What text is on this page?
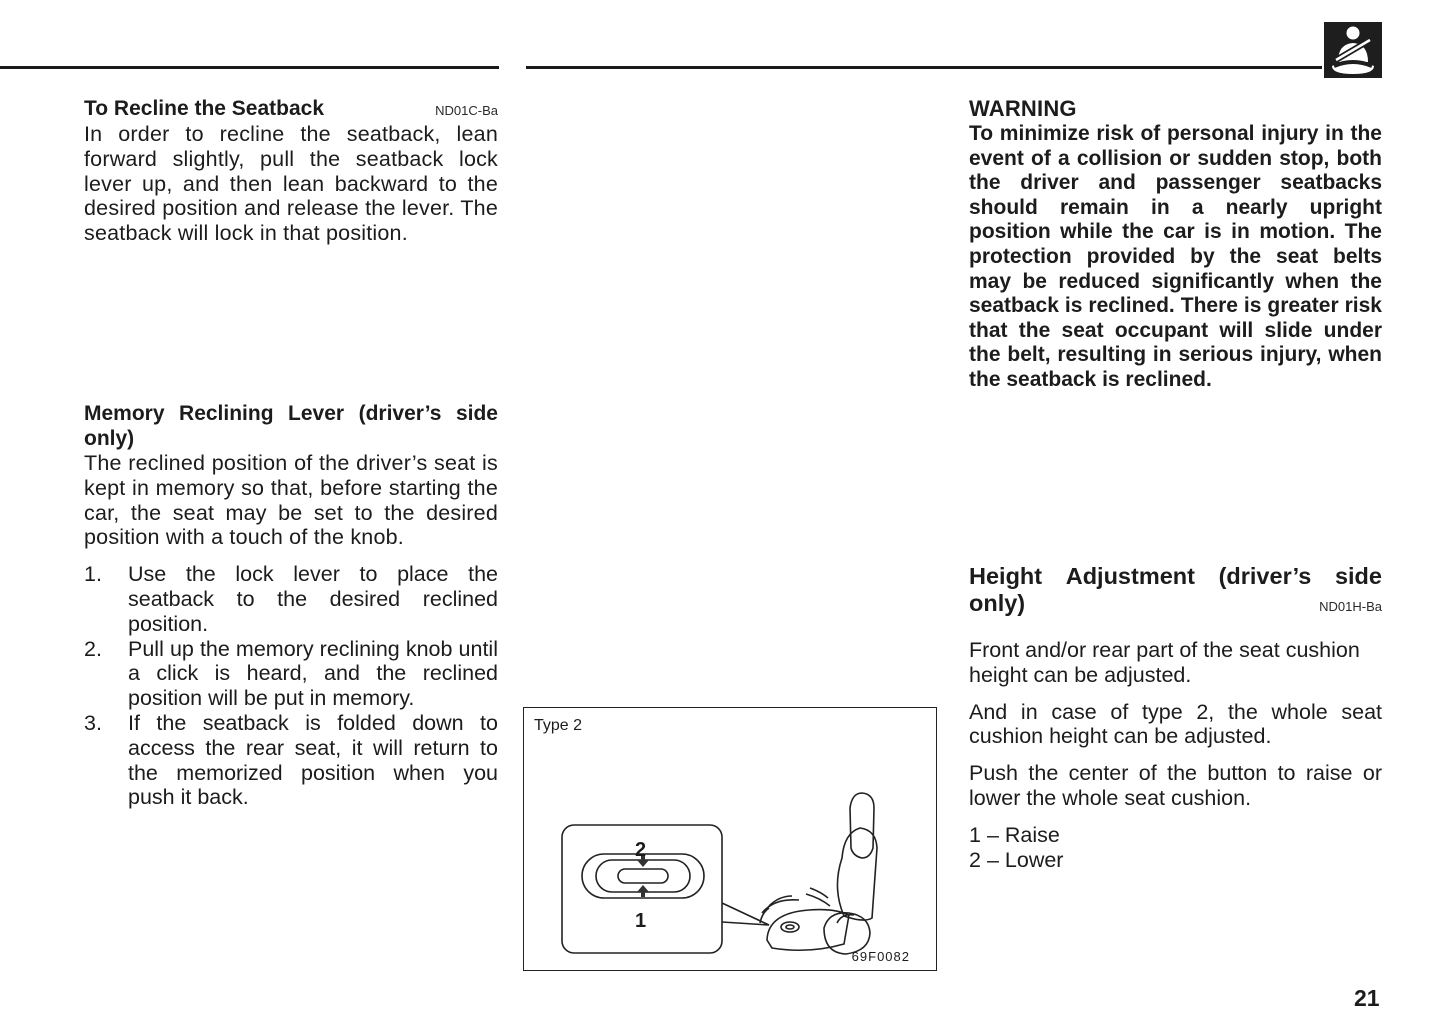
To Recline the Seatback	ND01C-Ba
In order to recline the seatback, lean forward slightly, pull the seatback lock lever up, and then lean backward to the desired position and release the lever. The seatback will lock in that position.
Memory Reclining Lever (driver’s side only)
The reclined position of the driver’s seat is kept in memory so that, before starting the car, the seat may be set to the desired position with a touch of the knob.
1.	Use the lock lever to place the seatback to the desired reclined position.
2.	Pull up the memory reclining knob until a click is heard, and the reclined position will be put in memory.
3.	If the seatback is folded down to access the rear seat, it will return to the memorized position when you push it back.
Type 2
2
1
69F0082
WARNING
To minimize risk of personal injury in the event of a collision or sudden stop, both the driver and passenger seatbacks should remain in a nearly upright position while the car is in motion. The protection provided by the seat belts may be reduced significantly when the seatback is reclined. There is greater risk that the seat occupant will slide under the belt, resulting in serious injury, when the seatback is reclined.
Height Adjustment (driver’s side
only)	ND01H-Ba

Front and/or rear part of the seat cushion height can be adjusted.

And in case of type 2, the whole seat cushion height can be adjusted.

Push the center of the button to raise or lower the whole seat cushion.

1 – Raise
2 – Lower
21
